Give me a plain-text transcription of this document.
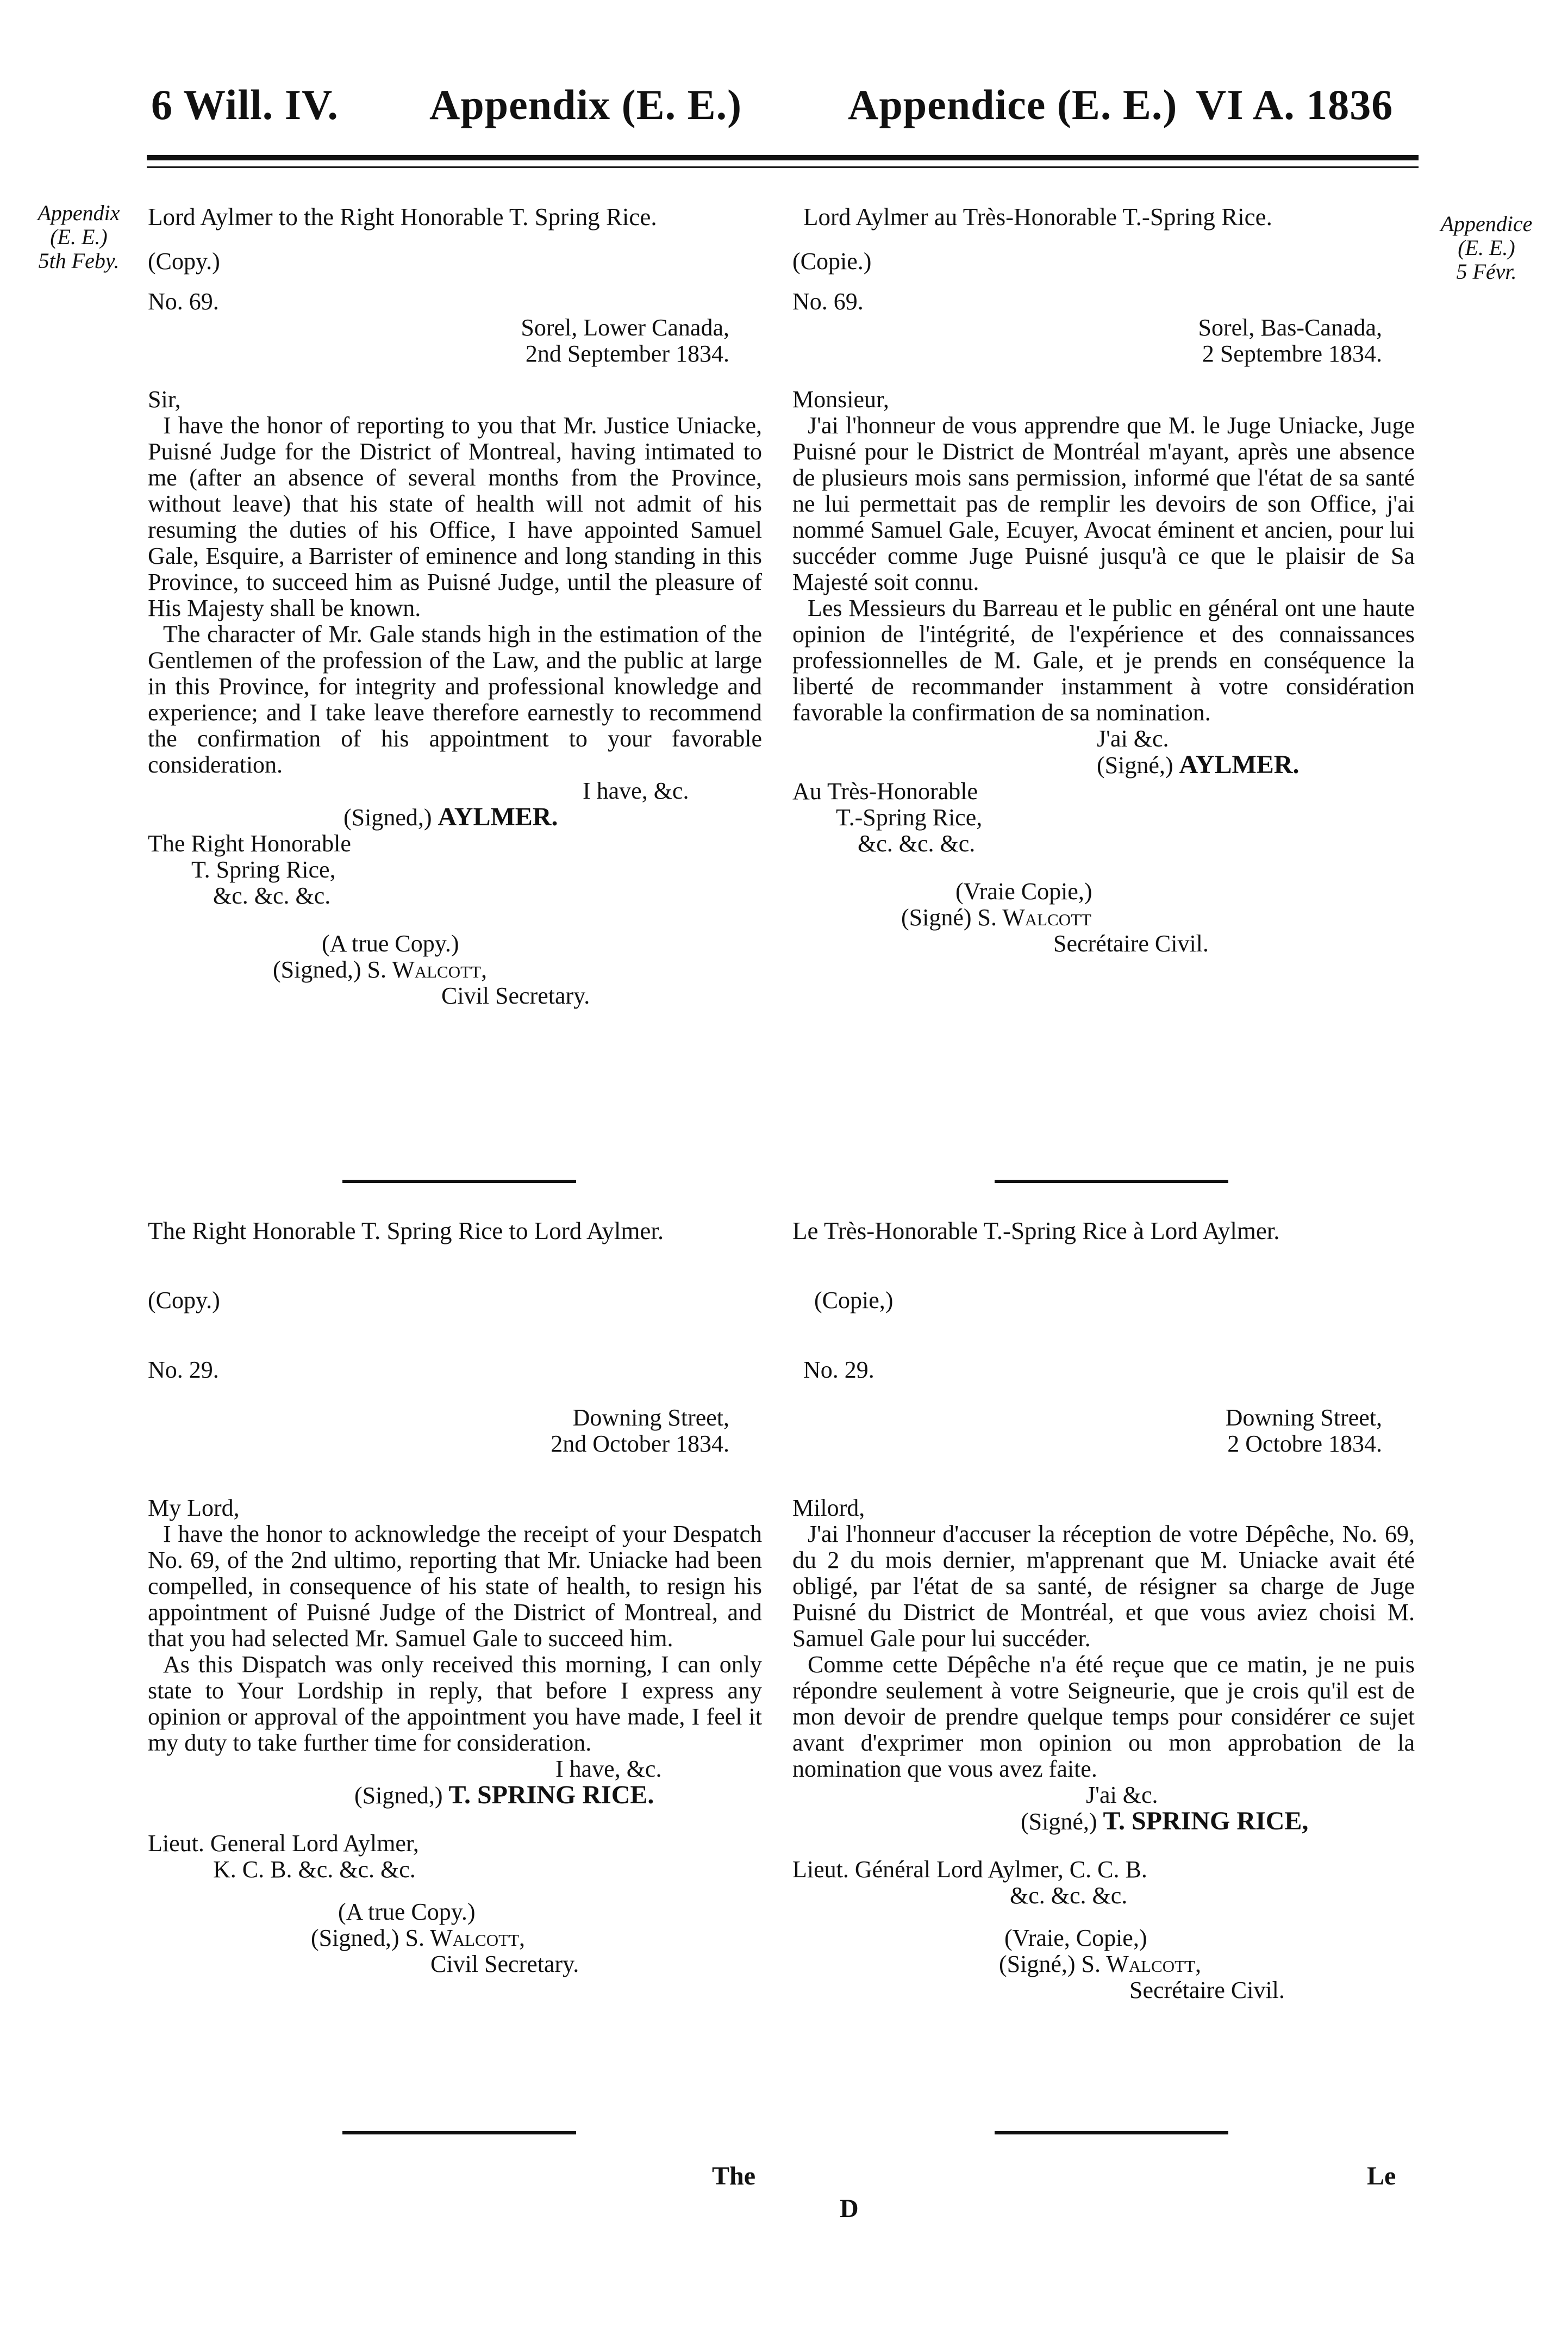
6 Will. IV. Appendix (E. E.) Appendice (E. E.) VI A. 1836
Appendix
(E. E.)
5th Feby.
Appendice
(E. E.)
5 Févr.
Lord Aylmer to the Right Honorable T. Spring Rice.
(Copy.)
No. 69.
Sorel, Lower Canada,
2nd September 1834.
Sir,

I have the honor of reporting to you that Mr. Justice Uniacke, Puisné Judge for the District of Montreal, having intimated to me (after an absence of several months from the Province, without leave) that his state of health will not admit of his resuming the duties of his Office, I have appointed Samuel Gale, Esquire, a Barrister of eminence and long standing in this Province, to succeed him as Puisné Judge, until the pleasure of His Majesty shall be known.

The character of Mr. Gale stands high in the estimation of the Gentlemen of the profession of the Law, and the public at large in this Province, for integrity and professional knowledge and experience; and I take leave therefore earnestly to recommend the confirmation of his appointment to your favorable consideration.

I have, &c.
(Signed,) AYLMER.
The Right Honorable
T. Spring Rice,
&c. &c. &c.
(A true Copy.)
(Signed,) S. Walcott,
Civil Secretary.
The Right Honorable T. Spring Rice to Lord Aylmer.
(Copy.)
No. 29.
Downing Street,
2nd October 1834.
My Lord,

I have the honor to acknowledge the receipt of your Despatch No. 69, of the 2nd ultimo, reporting that Mr. Uniacke had been compelled, in consequence of his state of health, to resign his appointment of Puisné Judge of the District of Montreal, and that you had selected Mr. Samuel Gale to succeed him.

As this Dispatch was only received this morning, I can only state to Your Lordship in reply, that before I express any opinion or approval of the appointment you have made, I feel it my duty to take further time for consideration.

I have, &c.
(Signed,) T. SPRING RICE.
Lieut. General Lord Aylmer,
K. C. B. &c. &c. &c.
(A true Copy.)
(Signed,) S. Walcott,
Civil Secretary.
Lord Aylmer au Très-Honorable T.-Spring Rice.
(Copie.)
No. 69.
Sorel, Bas-Canada,
2 Septembre 1834.
Monsieur,

J'ai l'honneur de vous apprendre que M. le Juge Uniacke, Juge Puisné pour le District de Montréal m'ayant, après une absence de plusieurs mois sans permission, informé que l'état de sa santé ne lui permettait pas de remplir les devoirs de son Office, j'ai nommé Samuel Gale, Ecuyer, Avocat éminent et ancien, pour lui succéder comme Juge Puisné jusqu'à ce que le plaisir de Sa Majesté soit connu.

Les Messieurs du Barreau et le public en général ont une haute opinion de l'intégrité, de l'expérience et des connaissances professionnelles de M. Gale, et je prends en conséquence la liberté de recommander instamment à votre considération favorable la confirmation de sa nomination.

J'ai &c.
(Signé,) AYLMER.
Au Très-Honorable
T.-Spring Rice,
&c. &c. &c.
(Vraie Copie,)
(Signé) S. Walcott
Secrétaire Civil.
Le Très-Honorable T.-Spring Rice à Lord Aylmer.
(Copie,)
No. 29.
Downing Street,
2 Octobre 1834.
Milord,

J'ai l'honneur d'accuser la réception de votre Dépêche, No. 69, du 2 du mois dernier, m'apprenant que M. Uniacke avait été obligé, par l'état de sa santé, de résigner sa charge de Juge Puisné du District de Montréal, et que vous aviez choisi M. Samuel Gale pour lui succéder.

Comme cette Dépêche n'a été reçue que ce matin, je ne puis répondre seulement à votre Seigneurie, que je crois qu'il est de mon devoir de prendre quelque temps pour considérer ce sujet avant d'exprimer mon opinion ou mon approbation de la nomination que vous avez faite.

J'ai &c.
(Signé,) T. SPRING RICE,
Lieut. Général Lord Aylmer, C. C. B.
&c. &c. &c.
(Vraie, Copie,)
(Signé,) S. Walcott,
Secrétaire Civil.
The
D
Le
